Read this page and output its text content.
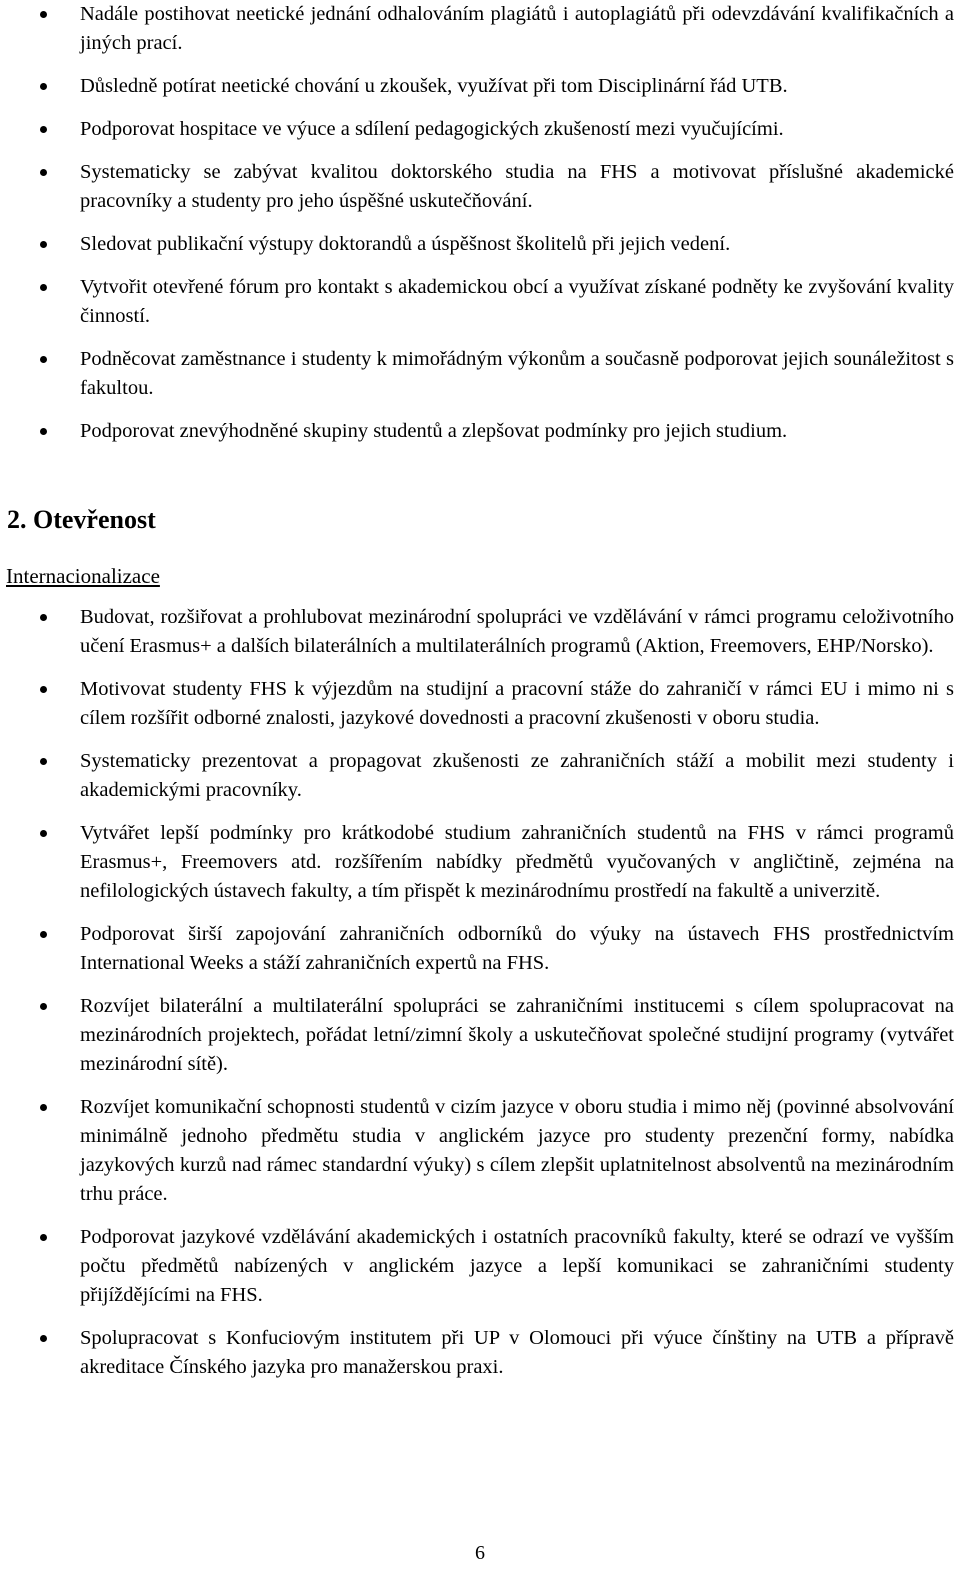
Nadále postihovat neetické jednání odhalováním plagiátů i autoplagiátů při odevzdávání kvalifikačních a jiných prací.
Důsledně potírat neetické chování u zkoušek, využívat při tom Disciplinární řád UTB.
Podporovat hospitace ve výuce a sdílení pedagogických zkušeností mezi vyučujícími.
Systematicky se zabývat kvalitou doktorského studia na FHS a motivovat příslušné akademické pracovníky a studenty pro jeho úspěšné uskutečňování.
Sledovat publikační výstupy doktorandů a úspěšnost školitelů při jejich vedení.
Vytvořit otevřené fórum pro kontakt s akademickou obcí a využívat získané podněty ke zvyšování kvality činností.
Podněcovat zaměstnance i studenty k mimořádným výkonům a současně podporovat jejich sounáležitost s fakultou.
Podporovat znevýhodněné skupiny studentů a zlepšovat podmínky pro jejich studium.
2. Otevřenost

Internacionalizace

Budovat, rozšiřovat a prohlubovat mezinárodní spolupráci ve vzdělávání v rámci programu celoživotního učení Erasmus+ a dalších bilaterálních a multilaterálních programů (Aktion, Freemovers, EHP/Norsko).
Motivovat studenty FHS k výjezdům na studijní a pracovní stáže do zahraničí v rámci EU i mimo ni s cílem rozšířit odborné znalosti, jazykové dovednosti a pracovní zkušenosti v oboru studia.
Systematicky prezentovat a propagovat zkušenosti ze zahraničních stáží a mobilit mezi studenty i akademickými pracovníky.
Vytvářet lepší podmínky pro krátkodobé studium zahraničních studentů na FHS v rámci programů Erasmus+, Freemovers atd. rozšířením nabídky předmětů vyučovaných v angličtině, zejména na nefilologických ústavech fakulty, a tím přispět k mezinárodnímu prostředí na fakultě a univerzitě.
Podporovat širší zapojování zahraničních odborníků do výuky na ústavech FHS prostřednictvím International Weeks a stáží zahraničních expertů na FHS.
Rozvíjet bilaterální a multilaterální spolupráci se zahraničními institucemi s cílem spolupracovat na mezinárodních projektech, pořádat letní/zimní školy a uskutečňovat společné studijní programy (vytvářet mezinárodní sítě).
Rozvíjet komunikační schopnosti studentů v cizím jazyce v oboru studia i mimo něj (povinné absolvování minimálně jednoho předmětu studia v anglickém jazyce pro studenty prezenční formy, nabídka jazykových kurzů nad rámec standardní výuky) s cílem zlepšit uplatnitelnost absolventů na mezinárodním trhu práce.
Podporovat jazykové vzdělávání akademických i ostatních pracovníků fakulty, které se odrazí ve vyšším počtu předmětů nabízených v anglickém jazyce a lepší komunikaci se zahraničními studenty přijíždějícími na FHS.
Spolupracovat s Konfuciovým institutem při UP v Olomouci při výuce čínštiny na UTB a přípravě akreditace Čínského jazyka pro manažerskou praxi.
6
